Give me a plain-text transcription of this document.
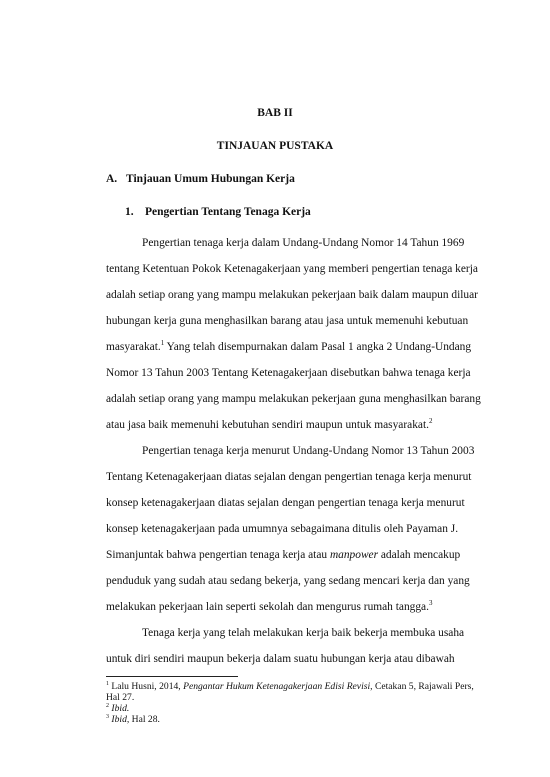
BAB II
TINJAUAN PUSTAKA
A. Tinjauan Umum Hubungan Kerja
1. Pengertian Tentang Tenaga Kerja
Pengertian tenaga kerja dalam Undang-Undang Nomor 14 Tahun 1969
tentang Ketentuan Pokok Ketenagakerjaan yang memberi pengertian tenaga kerja
adalah setiap orang yang mampu melakukan pekerjaan baik dalam maupun diluar
hubungan kerja guna menghasilkan barang atau jasa untuk memenuhi kebutuan
masyarakat.$^1$ Yang telah disempurnakan dalam Pasal 1 angka 2 Undang-Undang
Nomor 13 Tahun 2003 Tentang Ketenagakerjaan disebutkan bahwa tenaga kerja
adalah setiap orang yang mampu melakukan pekerjaan guna menghasilkan barang
atau jasa baik memenuhi kebutuhan sendiri maupun untuk masyarakat.$^2$
Pengertian tenaga kerja menurut Undang-Undang Nomor 13 Tahun 2003
Tentang Ketenagakerjaan diatas sejalan dengan pengertian tenaga kerja menurut
konsep ketenagakerjaan diatas sejalan dengan pengertian tenaga kerja menurut
konsep ketenagakerjaan pada umumnya sebagaimana ditulis oleh Payaman J.
Simanjuntak bahwa pengertian tenaga kerja atau manpower adalah mencakup
penduduk yang sudah atau sedang bekerja, yang sedang mencari kerja dan yang
melakukan pekerjaan lain seperti sekolah dan mengurus rumah tangga.$^3$
Tenaga kerja yang telah melakukan kerja baik bekerja membuka usaha
untuk diri sendiri maupun bekerja dalam suatu hubungan kerja atau dibawah
$^1$ Lalu Husni, 2014, Pengantar Hukum Ketenagakerjaan Edisi Revisi, Cetakan 5, Rajawali Pers,
Hal 27.
$^2$ Ibid.
$^3$ Ibid, Hal 28.
